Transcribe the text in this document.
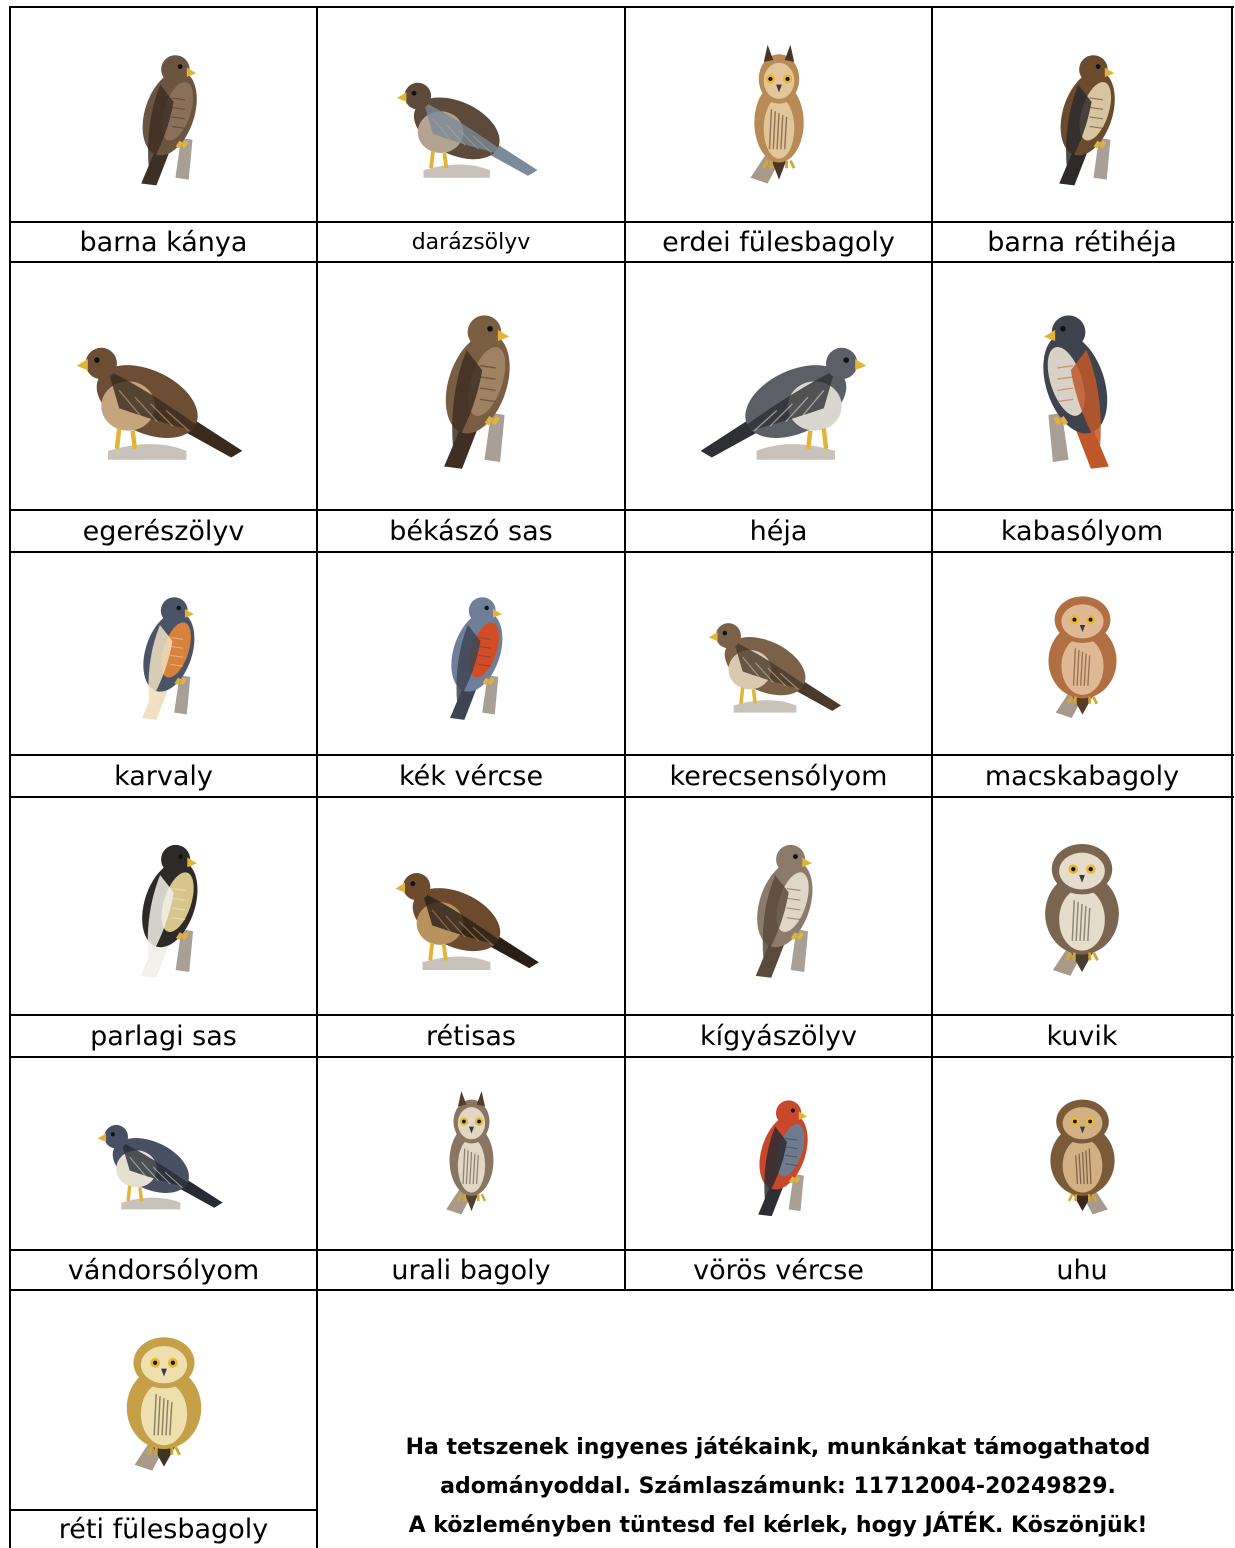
barna kánya	darázsölyv	erdei fülesbagoly	barna rétihéja
egerészölyv	békászó sas	héja	kabasólyom
karvaly	kék vércse	kerecsensólyom	macskabagoly
parlagi sas	rétisas	kígyászölyv	kuvik
vándorsólyom	urali bagoly	vörös vércse	uhu
réti fülesbagoly
Ha tetszenek ingyenes játékaink, munkánkat támogathatod
adományoddal. Számlaszámunk: 11712004-20249829.
A közleményben tüntesd fel kérlek, hogy JÁTÉK. Köszönjük!
